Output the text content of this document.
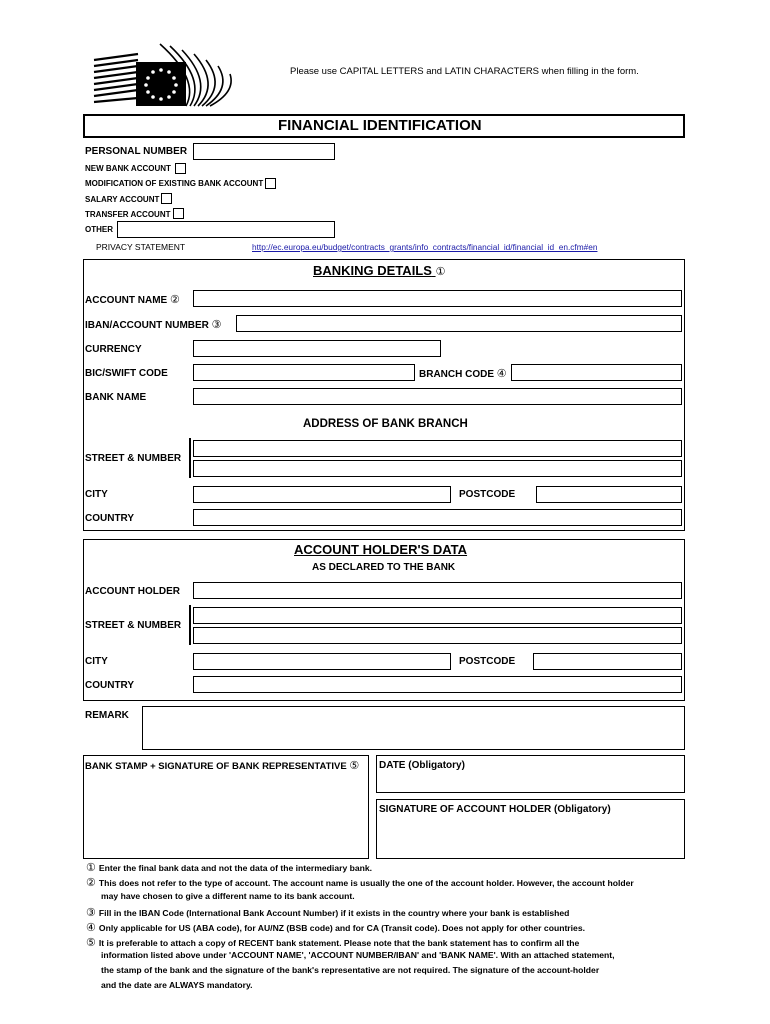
Please use CAPITAL LETTERS and LATIN CHARACTERS when filling in the form.
FINANCIAL IDENTIFICATION
PERSONAL NUMBER
NEW BANK ACCOUNT
MODIFICATION OF EXISTING BANK ACCOUNT
SALARY ACCOUNT
TRANSFER ACCOUNT
OTHER
PRIVACY STATEMENT	http://ec.europa.eu/budget/contracts_grants/info_contracts/financial_id/financial_id_en.cfm#en
BANKING DETAILS ①
ACCOUNT NAME ②
IBAN/ACCOUNT NUMBER ③
CURRENCY
BIC/SWIFT CODE	BRANCH CODE ④
BANK NAME
ADDRESS OF BANK BRANCH
STREET & NUMBER
CITY	POSTCODE
COUNTRY
ACCOUNT HOLDER'S DATA
AS DECLARED TO THE BANK
ACCOUNT HOLDER
STREET & NUMBER
CITY	POSTCODE
COUNTRY
REMARK
BANK STAMP + SIGNATURE OF BANK REPRESENTATIVE ⑤ DATE (Obligatory)
SIGNATURE OF ACCOUNT HOLDER (Obligatory)
① Enter the final bank data and not the data of the intermediary bank.
② This does not refer to the type of account. The account name is usually the one of the account holder. However, the account holder
may have chosen to give a different name to its bank account.
③ Fill in the IBAN Code (International Bank Account Number) if it exists in the country where your bank is established
④ Only applicable for US (ABA code), for AU/NZ (BSB code) and for CA (Transit code). Does not apply for other countries.
⑤ It is preferable to attach a copy of RECENT bank statement. Please note that the bank statement has to confirm all the
information listed above under 'ACCOUNT NAME', 'ACCOUNT NUMBER/IBAN' and 'BANK NAME'. With an attached statement,
the stamp of the bank and the signature of the bank's representative are not required. The signature of the account-holder
and the date are ALWAYS mandatory.
